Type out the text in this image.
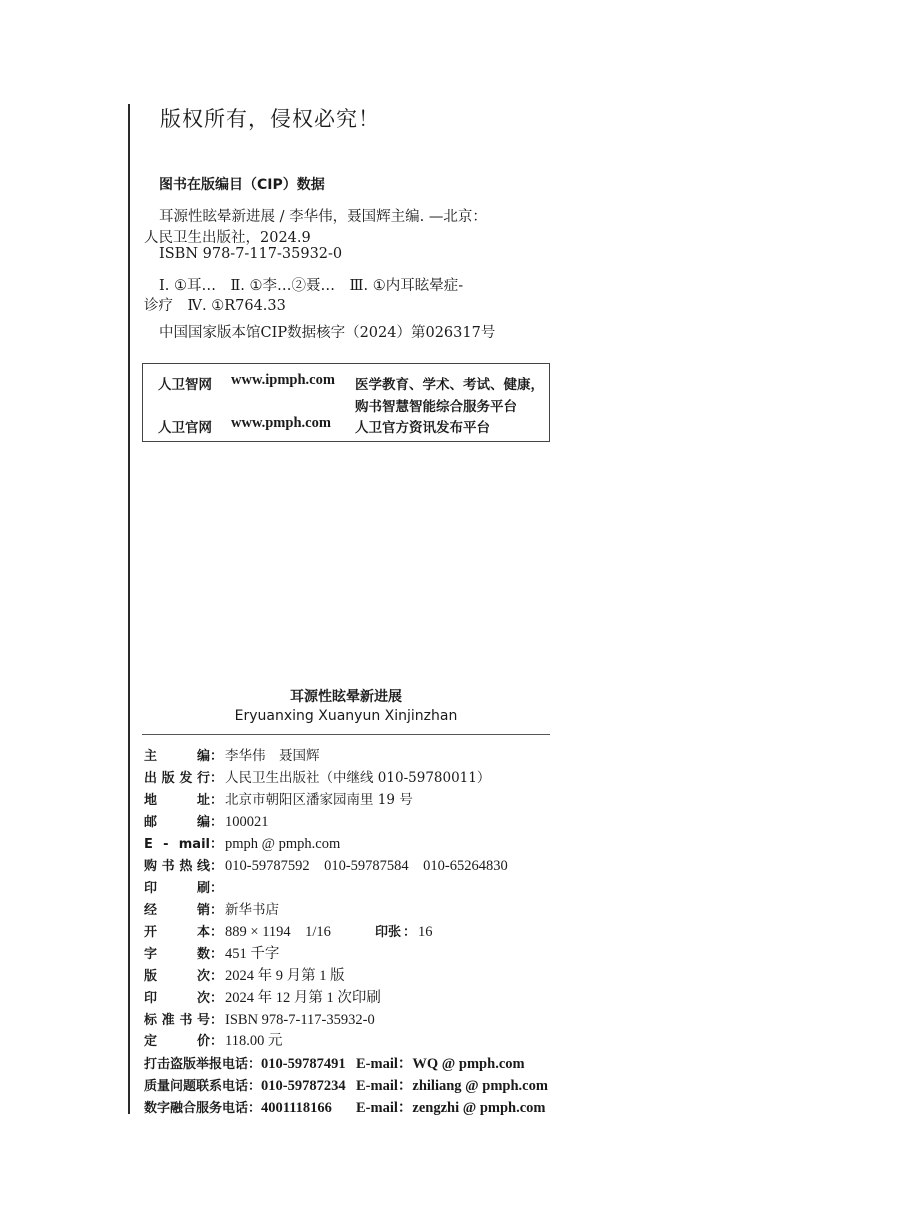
版权所有，侵权必究！
图书在版编目（CIP）数据
耳源性眩晕新进展 / 李华伟，聂国辉主编. —北京：
人民卫生出版社，2024.9
ISBN 978-7-117-35932-0
Ⅰ. ①耳…　Ⅱ. ①李…②聂…　Ⅲ. ①内耳眩晕症-
诊疗　Ⅳ. ①R764.33
中国国家版本馆CIP数据核字（2024）第026317号
人卫智网 www.ipmph.com 医学教育、学术、考试、健康，
购书智慧智能综合服务平台
人卫官网 www.pmph.com 人卫官方资讯发布平台
耳源性眩晕新进展
Eryuanxing Xuanyun Xinjinzhan
主编： 李华伟　聂国辉
出版发行： 人民卫生出版社（中继线 010-59780011）
地址： 北京市朝阳区潘家园南里 19 号
邮编： 100021
E - mail： pmph @ pmph.com
购书热线： 010-59787592　010-59787584　010-65264830
印刷：
经销： 新华书店
开本： 889 × 1194　1/16	印张 ： 16
字数： 451 千字
版次： 2024 年 9 月第 1 版
印次： 2024 年 12 月第 1 次印刷
标准书号： ISBN 978-7-117-35932-0
定价： 118.00 元
打击盗版举报电话：010-59787491 E-mail：WQ @ pmph.com
质量问题联系电话：010-59787234 E-mail：zhiliang @ pmph.com
数字融合服务电话：4001118166 E-mail：zengzhi @ pmph.com
